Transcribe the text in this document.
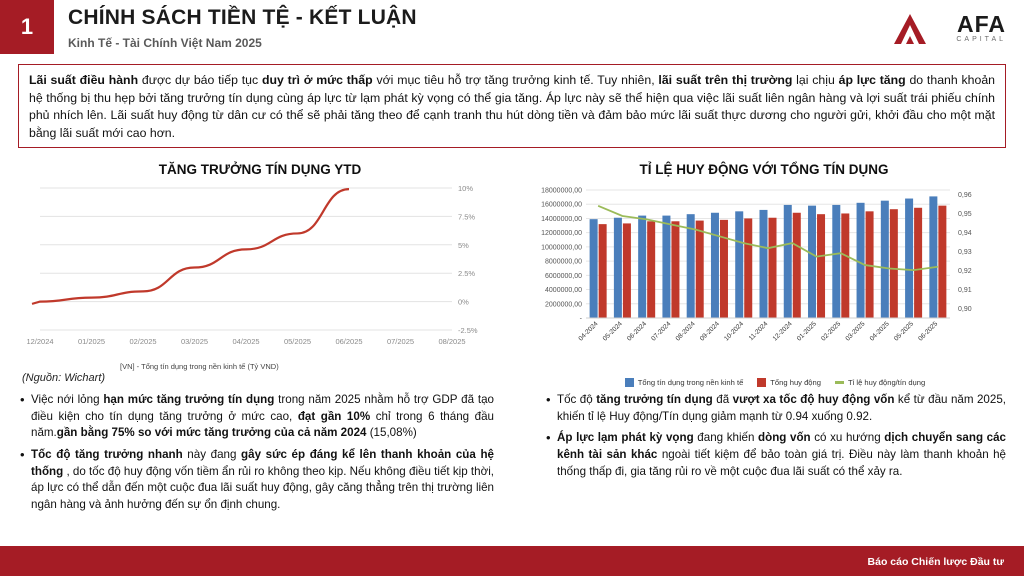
1	CHÍNH SÁCH TIỀN TỆ - KẾT LUẬN
Kinh Tế - Tài Chính Việt Nam 2025
AFA
CAPITAL
Lãi suất điều hành được dự báo tiếp tục duy trì ở mức thấp với mục tiêu hỗ trợ tăng trưởng kinh tế. Tuy nhiên, lãi suất trên thị trường lại chịu áp lực tăng do thanh khoản hệ thống bị thu hẹp bởi tăng trưởng tín dụng cùng áp lực từ lạm phát kỳ vọng có thể gia tăng. Áp lực này sẽ thể hiện qua việc lãi suất liên ngân hàng và lợi suất trái phiếu chính phủ nhích lên. Lãi suất huy động từ dân cư có thể sẽ phải tăng theo để cạnh tranh thu hút dòng tiền và đảm bảo mức lãi suất thực dương cho người gửi, khởi đầu cho một mặt bằng lãi suất mới cao hơn.
TĂNG TRƯỞNG TÍN DỤNG YTD
10%
7.5%
5%
2.5%
0%
-2.5%
12/2024	01/2025	02/2025	03/2025	04/2025	05/2025	06/2025	07/2025	08/2025
[VN] - Tổng tín dụng trong nền kinh tế (Tỷ VND)
(Nguồn: Wichart)
TỈ LỆ HUY ĐỘNG VỚI TỔNG TÍN DỤNG
18000000,00
16000000,00
14000000,00
12000000,00
10000000,00
8000000,00
6000000,00
4000000,00
2000000,00
-
0,96
0,95
0,94
0,93
0,92
0,91
0,90
04-2024 05-2024 06-2024 07-2024 08-2024 09-2024 10-2024 11-2024 12-2024 01-2025 02-2025 03-2025 04-2025 05-2025 06-2025
Tổng tín dụng trong nền kinh tế	Tổng huy động	Tỉ lệ huy động/tín dụng
• Việc nới lỏng hạn mức tăng trưởng tín dụng trong năm 2025 nhằm hỗ trợ GDP đã tạo điều kiện cho tín dụng tăng trưởng ở mức cao, đạt gần 10% chỉ trong 6 tháng đầu năm.gần bằng 75% so với mức tăng trưởng của cả năm 2024 (15,08%)
• Tốc độ tăng trưởng nhanh này đang gây sức ép đáng kể lên thanh khoản của hệ thống , do tốc độ huy động vốn tiềm ẩn rủi ro không theo kịp. Nếu không điều tiết kịp thời, áp lực có thể dẫn đến một cuộc đua lãi suất huy động, gây căng thẳng trên thị trường liên ngân hàng và ảnh hưởng đến sự ổn định chung.
• Tốc độ tăng trưởng tín dụng đã vượt xa tốc độ huy động vốn kể từ đầu năm 2025, khiến tỉ lệ Huy động/Tín dụng giảm mạnh từ 0.94 xuống 0.92.
• Áp lực lạm phát kỳ vọng đang khiến dòng vốn có xu hướng dịch chuyển sang các kênh tài sản khác ngoài tiết kiệm để bảo toàn giá trị. Điều này làm thanh khoản hệ thống thấp đi, gia tăng rủi ro về một cuộc đua lãi suất có thể xảy ra.
Báo cáo Chiến lược Đầu tư
